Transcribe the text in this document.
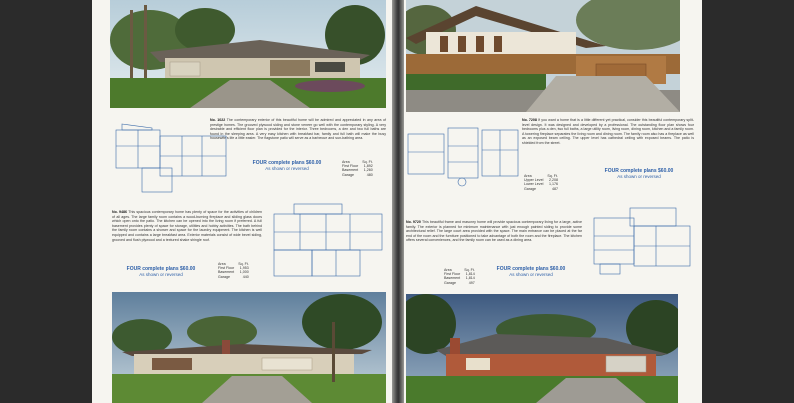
No. 1022 The contemporary exterior of this beautiful home will be admired and appreciated in any area of prestige homes. The grooved plywood siding and stone veneer go well with the contemporary styling. A very desirable and efficient floor plan is provided for the interior. Three bedrooms, a den and two full baths are found in the sleeping area. A very easy kitchen with breakfast bar, family and full bath will make the busy housewife's life a little easier. The flagstone patio will serve as a barbecue and sun-bathing area.
FOUR complete plans $60.00
As shown or reversed
Area	Sq. Ft.
First Floor	1,892
Basement	1,260
Garage	480
No. 9486 This spacious contemporary home has plenty of space for the activities of children of all ages. The large family room contains a wood-burning fireplace and sliding glass doors which open onto the patio. The kitchen can be opened into the living room if preferred. A full basement provides plenty of space for storage, utilities and hobby activities. The bath behind the family room contains a shower and space for the laundry equipment. The kitchen is well equipped and contains a large breakfast area. Exterior materials consist of wide bevel siding, grooved and flush plywood and a textured shake shingle roof.
FOUR complete plans $60.00
As shown or reversed
Area	Sq. Ft.
First Floor	1,953
Basement	1,000
Garage	440
No. 7208 If you want a home that is a little different yet practical, consider this beautiful contemporary split-level design. It was designed and developed by a professional. The outstanding floor plan shows four bedrooms plus a den, two full baths, a large utility room, living room, dining room, kitchen and a family room. A towering fireplace separates the living room and dining room. The family room also has a fireplace as well as an exposed beam ceiling. The upper level has cathedral ceiling with exposed beams. The patio is shielded from the street.
FOUR complete plans $60.00
As shown or reversed
Area	Sq. Ft.
Upper Level	2,208
Lower Level	1,176
Garage	487
No. 9720 This beautiful frame and masonry home will provide spacious contemporary living for a large, active family. The exterior is planned for minimum maintenance with just enough painted siding to provide some architectural relief. The large court area provided with the space. The main entrance can be placed at the far end of the room and the furniture positioned to take advantage of both the room and the fireplace. The kitchen offers several conveniences, and the family room can be used as a dining area.
FOUR complete plans $60.00
As shown or reversed
Area	Sq. Ft.
First Floor	1,814
Basement	1,814
Garage	497
